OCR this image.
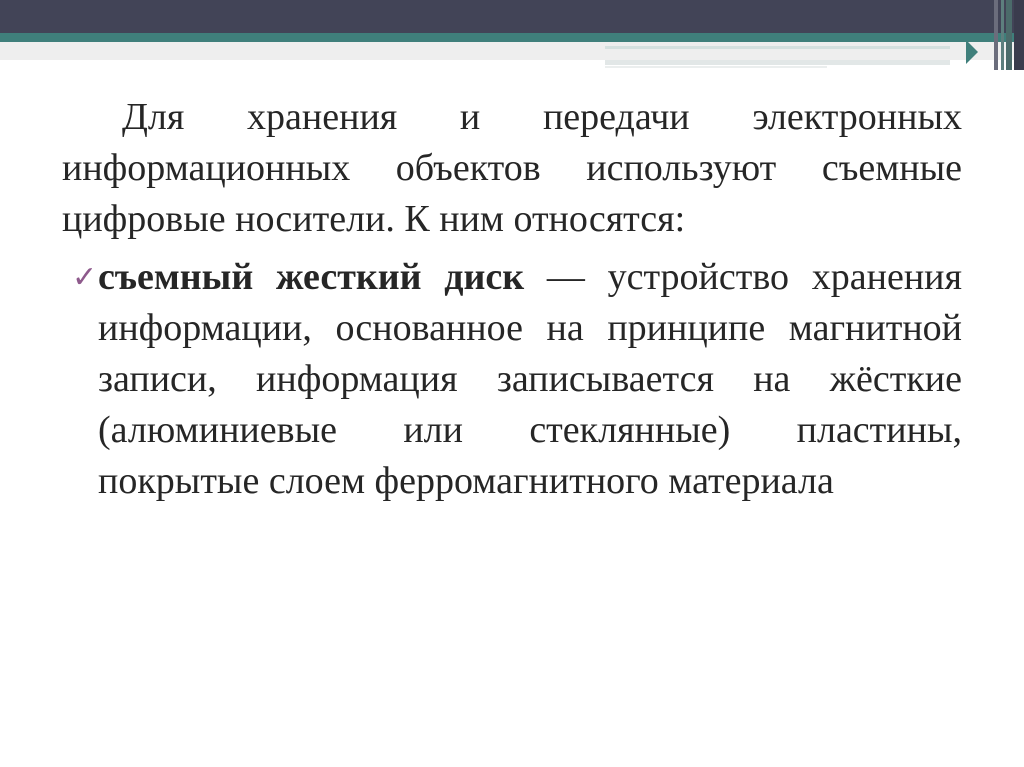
Для хранения и передачи электронных информационных объектов используют съемные цифровые носители. К ним относятся:

✓ съемный жесткий диск — устройство хранения информации, основанное на принципе магнитной записи, информация записывается на жёсткие (алюминиевые или стеклянные) пластины, покрытые слоем ферромагнитного материала
